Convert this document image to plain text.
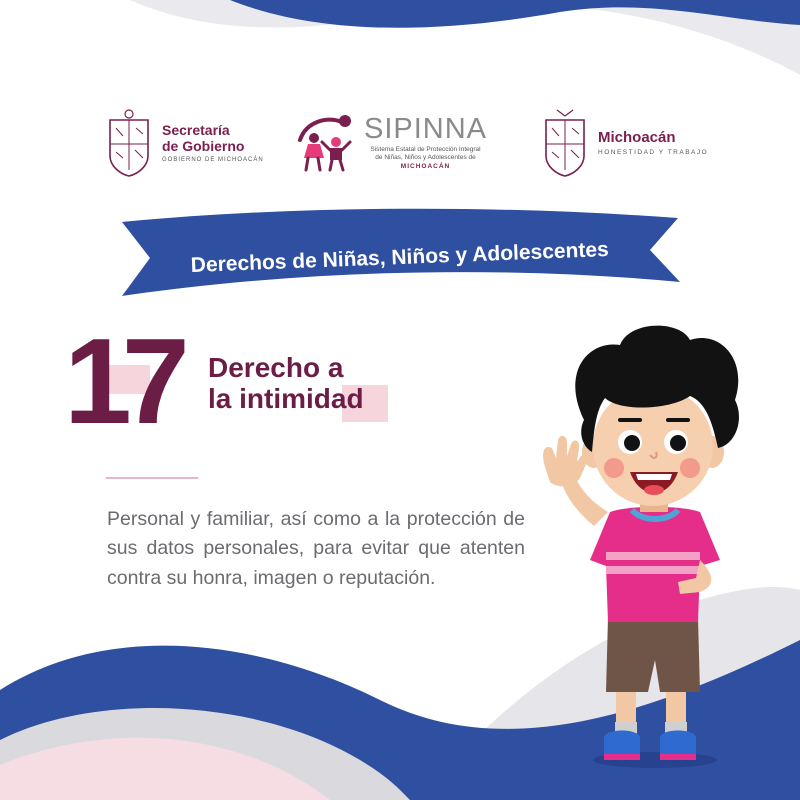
Secretaría
de Gobierno
GOBIERNO DE MICHOACÁN
SIPINNA
Sistema Estatal de Protección Integral
de Niñas, Niños y Adolescentes de
MICHOACÁN
Michoacán
HONESTIDAD Y TRABAJO
Derechos de Niñas, Niños y Adolescentes
17 Derecho a
la intimidad
Personal y familiar, así como a la protección de sus datos personales, para evitar que atenten contra su honra, imagen o reputación.
